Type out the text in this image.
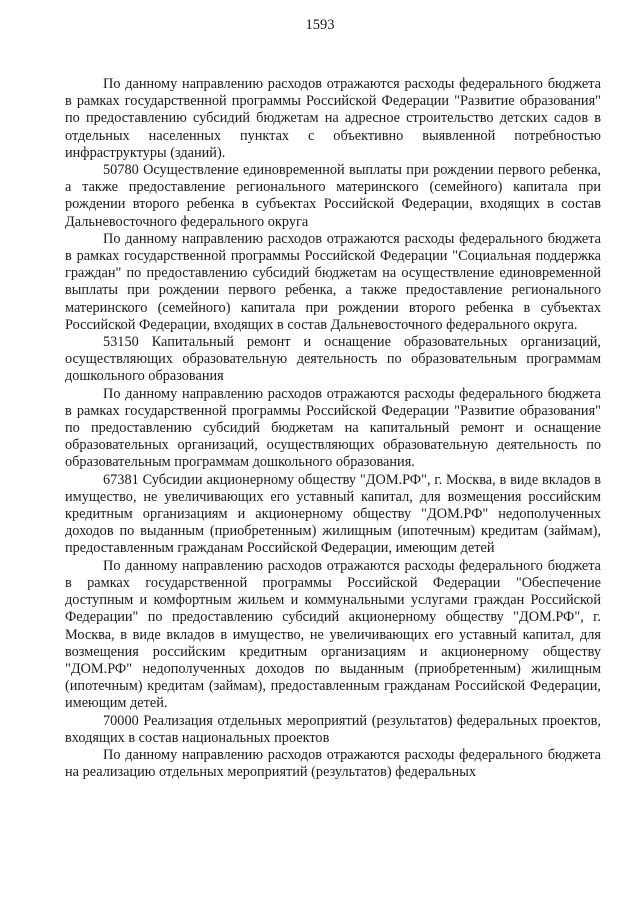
1593

По данному направлению расходов отражаются расходы федерального бюджета в рамках государственной программы Российской Федерации "Развитие образования" по предоставлению субсидий бюджетам на адресное строительство детских садов в отдельных населенных пунктах с объективно выявленной потребностью инфраструктуры (зданий).

50780 Осуществление единовременной выплаты при рождении первого ребенка, а также предоставление регионального материнского (семейного) капитала при рождении второго ребенка в субъектах Российской Федерации, входящих в состав Дальневосточного федерального округа

По данному направлению расходов отражаются расходы федерального бюджета в рамках государственной программы Российской Федерации "Социальная поддержка граждан" по предоставлению субсидий бюджетам на осуществление единовременной выплаты при рождении первого ребенка, а также предоставление регионального материнского (семейного) капитала при рождении второго ребенка в субъектах Российской Федерации, входящих в состав Дальневосточного федерального округа.

53150 Капитальный ремонт и оснащение образовательных организаций, осуществляющих образовательную деятельность по образовательным программам дошкольного образования

По данному направлению расходов отражаются расходы федерального бюджета в рамках государственной программы Российской Федерации "Развитие образования" по предоставлению субсидий бюджетам на капитальный ремонт и оснащение образовательных организаций, осуществляющих образовательную деятельность по образовательным программам дошкольного образования.

67381 Субсидии акционерному обществу "ДОМ.РФ", г. Москва, в виде вкладов в имущество, не увеличивающих его уставный капитал, для возмещения российским кредитным организациям и акционерному обществу "ДОМ.РФ" недополученных доходов по выданным (приобретенным) жилищным (ипотечным) кредитам (займам), предоставленным гражданам Российской Федерации, имеющим детей

По данному направлению расходов отражаются расходы федерального бюджета в рамках государственной программы Российской Федерации "Обеспечение доступным и комфортным жильем и коммунальными услугами граждан Российской Федерации" по предоставлению субсидий акционерному обществу "ДОМ.РФ", г. Москва, в виде вкладов в имущество, не увеличивающих его уставный капитал, для возмещения российским кредитным организациям и акционерному обществу "ДОМ.РФ" недополученных доходов по выданным (приобретенным) жилищным (ипотечным) кредитам (займам), предоставленным гражданам Российской Федерации, имеющим детей.

70000 Реализация отдельных мероприятий (результатов) федеральных проектов, входящих в состав национальных проектов

По данному направлению расходов отражаются расходы федерального бюджета на реализацию отдельных мероприятий (результатов) федеральных
